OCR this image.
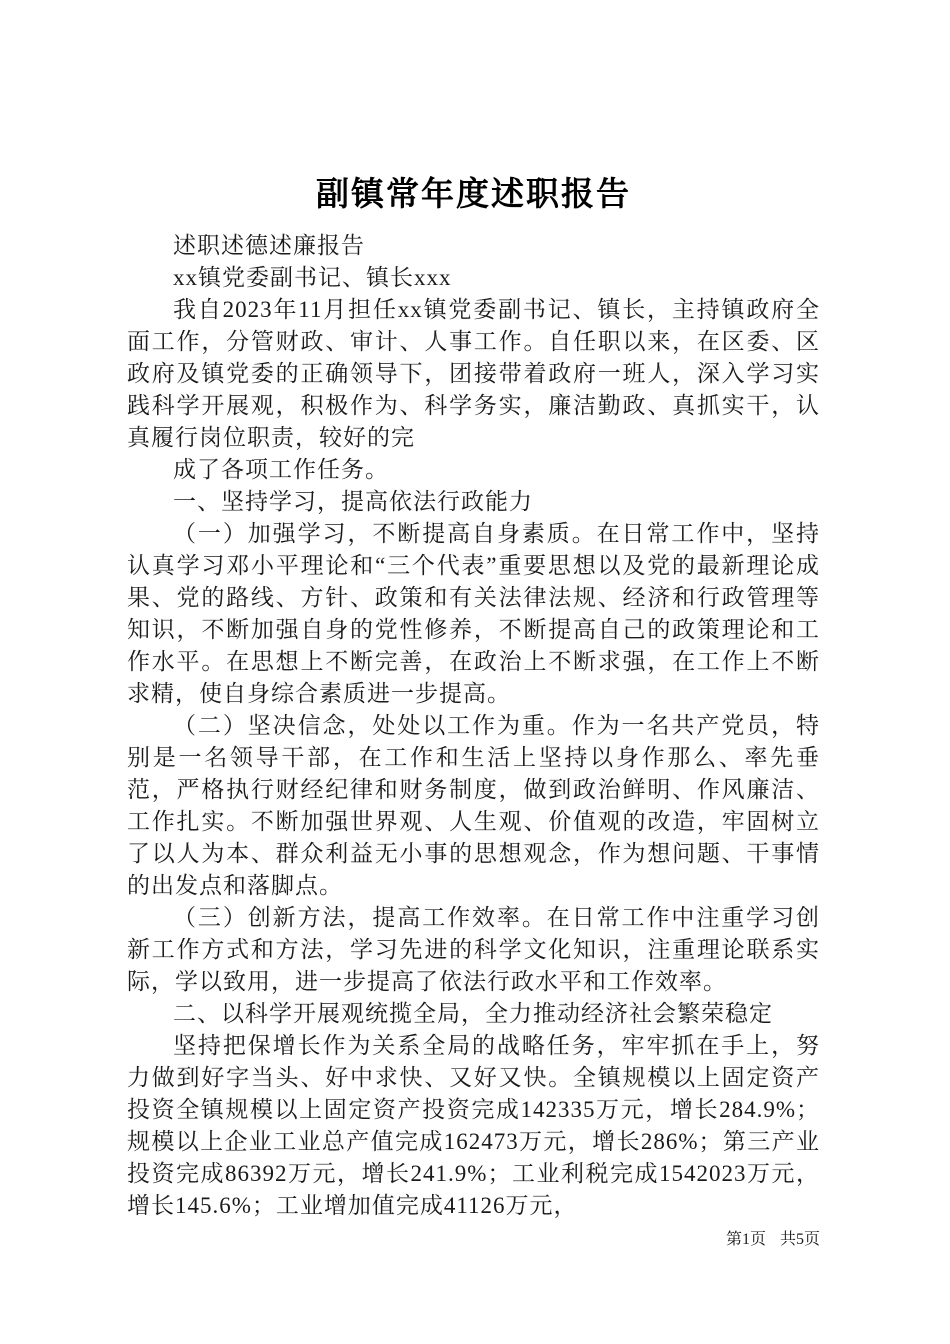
副镇常年度述职报告

述职述德述廉报告

xx镇党委副书记、镇长xxx

我自2023年11月担任xx镇党委副书记、镇长，主持镇政府全面工作，分管财政、审计、人事工作。自任职以来，在区委、区政府及镇党委的正确领导下，团接带着政府一班人，深入学习实践科学开展观，积极作为、科学务实，廉洁勤政、真抓实干，认真履行岗位职责，较好的完

成了各项工作任务。

一、坚持学习，提高依法行政能力

（一）加强学习，不断提高自身素质。在日常工作中，坚持认真学习邓小平理论和“三个代表”重要思想以及党的最新理论成果、党的路线、方针、政策和有关法律法规、经济和行政管理等知识，不断加强自身的党性修养，不断提高自己的政策理论和工作水平。在思想上不断完善，在政治上不断求强，在工作上不断求精，使自身综合素质进一步提高。

（二）坚决信念，处处以工作为重。作为一名共产党员，特别是一名领导干部，在工作和生活上坚持以身作那么、率先垂范，严格执行财经纪律和财务制度，做到政治鲜明、作风廉洁、工作扎实。不断加强世界观、人生观、价值观的改造，牢固树立了以人为本、群众利益无小事的思想观念，作为想问题、干事情的出发点和落脚点。

（三）创新方法，提高工作效率。在日常工作中注重学习创新工作方式和方法，学习先进的科学文化知识，注重理论联系实际，学以致用，进一步提高了依法行政水平和工作效率。

二、以科学开展观统揽全局，全力推动经济社会繁荣稳定

坚持把保增长作为关系全局的战略任务，牢牢抓在手上，努力做到好字当头、好中求快、又好又快。全镇规模以上固定资产投资全镇规模以上固定资产投资完成142335万元，增长284.9%；规模以上企业工业总产值完成162473万元，增长286%；第三产业投资完成86392万元，增长241.9%；工业利税完成1542023万元，增长145.6%；工业增加值完成41126万元，

第1页 共5页
